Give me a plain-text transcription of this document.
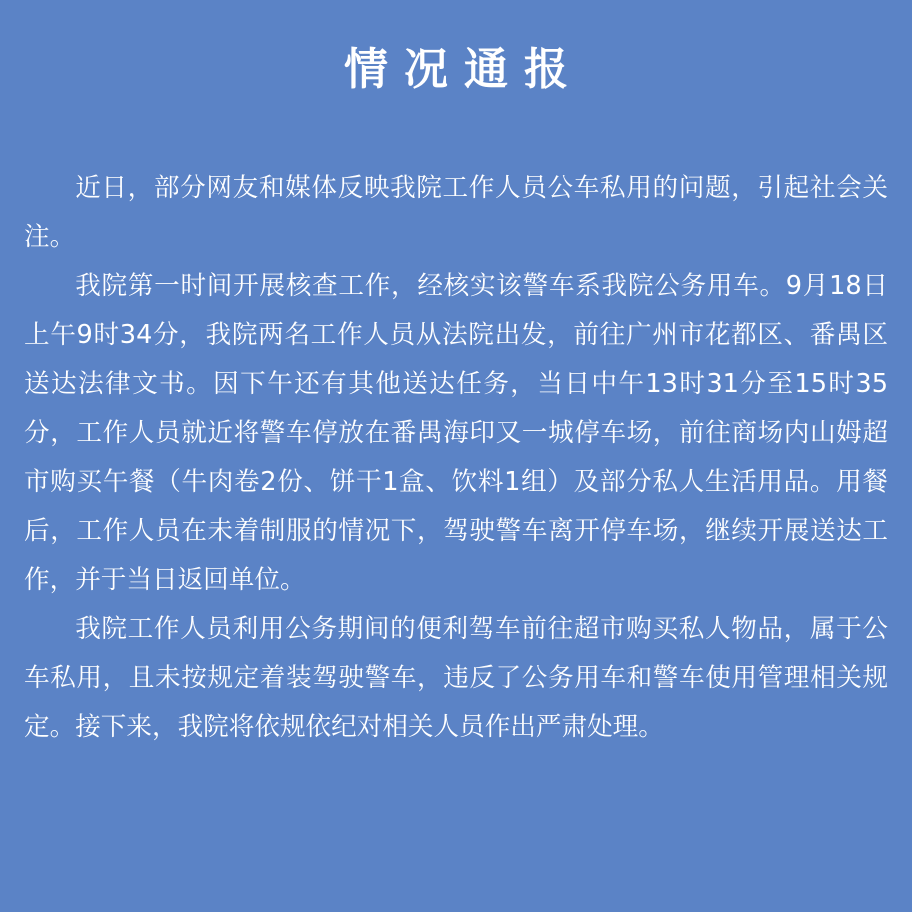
情况通报

近日，部分网友和媒体反映我院工作人员公车私用的问题，引起社会关注。

我院第一时间开展核查工作，经核实该警车系我院公务用车。9月18日上午9时34分，我院两名工作人员从法院出发，前往广州市花都区、番禺区送达法律文书。因下午还有其他送达任务，当日中午13时31分至15时35分，工作人员就近将警车停放在番禺海印又一城停车场，前往商场内山姆超市购买午餐（牛肉卷2份、饼干1盒、饮料1组）及部分私人生活用品。用餐后，工作人员在未着制服的情况下，驾驶警车离开停车场，继续开展送达工作，并于当日返回单位。

我院工作人员利用公务期间的便利驾车前往超市购买私人物品，属于公车私用，且未按规定着装驾驶警车，违反了公务用车和警车使用管理相关规定。接下来，我院将依规依纪对相关人员作出严肃处理。
